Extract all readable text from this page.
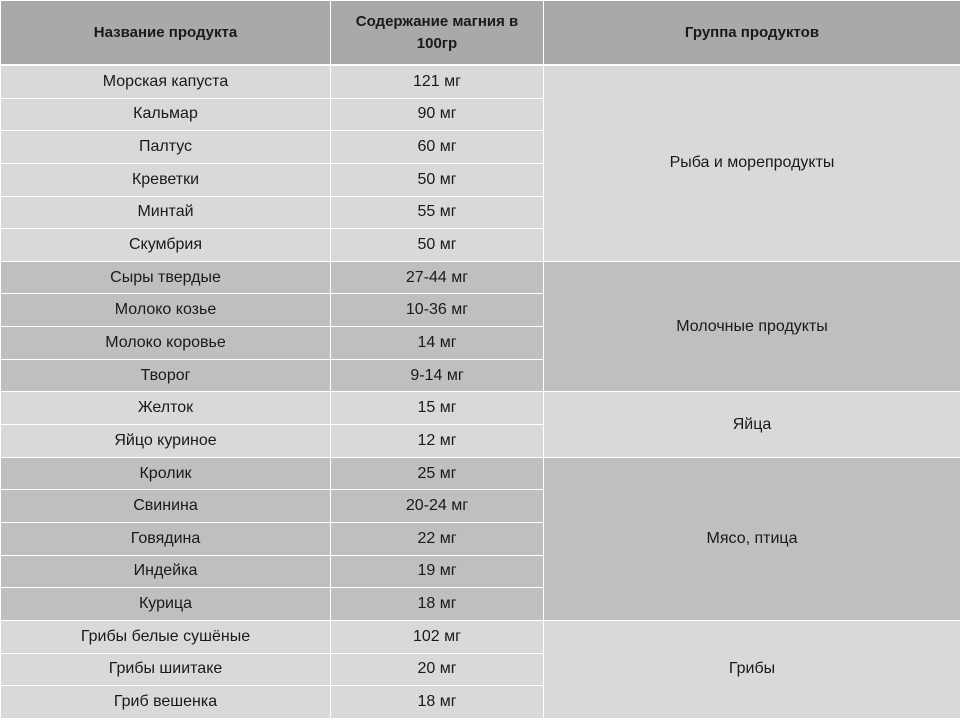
Название продукта	Содержание магния в 100гр	Группа продуктов
Морская капуста	121 мг	Рыба и морепродукты
Кальмар	90 мг	
Палтус	60 мг	
Креветки	50 мг	
Минтай	55 мг	
Скумбрия	50 мг	
Сыры твердые	27-44 мг	Молочные продукты
Молоко козье	10-36 мг	
Молоко коровье	14 мг	
Творог	9-14 мг	
Желток	15 мг	Яйца
Яйцо куриное	12 мг	
Кролик	25 мг	Мясо, птица
Свинина	20-24 мг	
Говядина	22 мг	
Индейка	19 мг	
Курица	18 мг	
Грибы белые сушёные	102 мг	Грибы
Грибы шиитаке	20 мг	
Гриб вешенка	18 мг	
